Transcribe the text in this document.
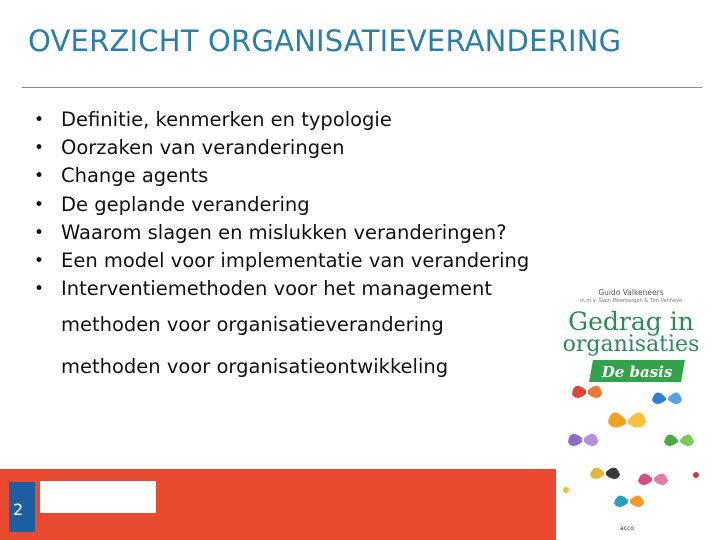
OVERZICHT ORGANISATIEVERANDERING
• Definitie, kenmerken en typologie
• Oorzaken van veranderingen
• Change agents
• De geplande verandering
• Waarom slagen en mislukken veranderingen?
• Een model voor implementatie van verandering
• Interventiemethoden voor het management
methoden voor organisatieverandering
methoden voor organisatieontwikkeling
2
Guido Valkeneers
m.m.v. Sven Meerbergen & Tim Vanhove
Gedrag in
organisaties
De basis
acco
